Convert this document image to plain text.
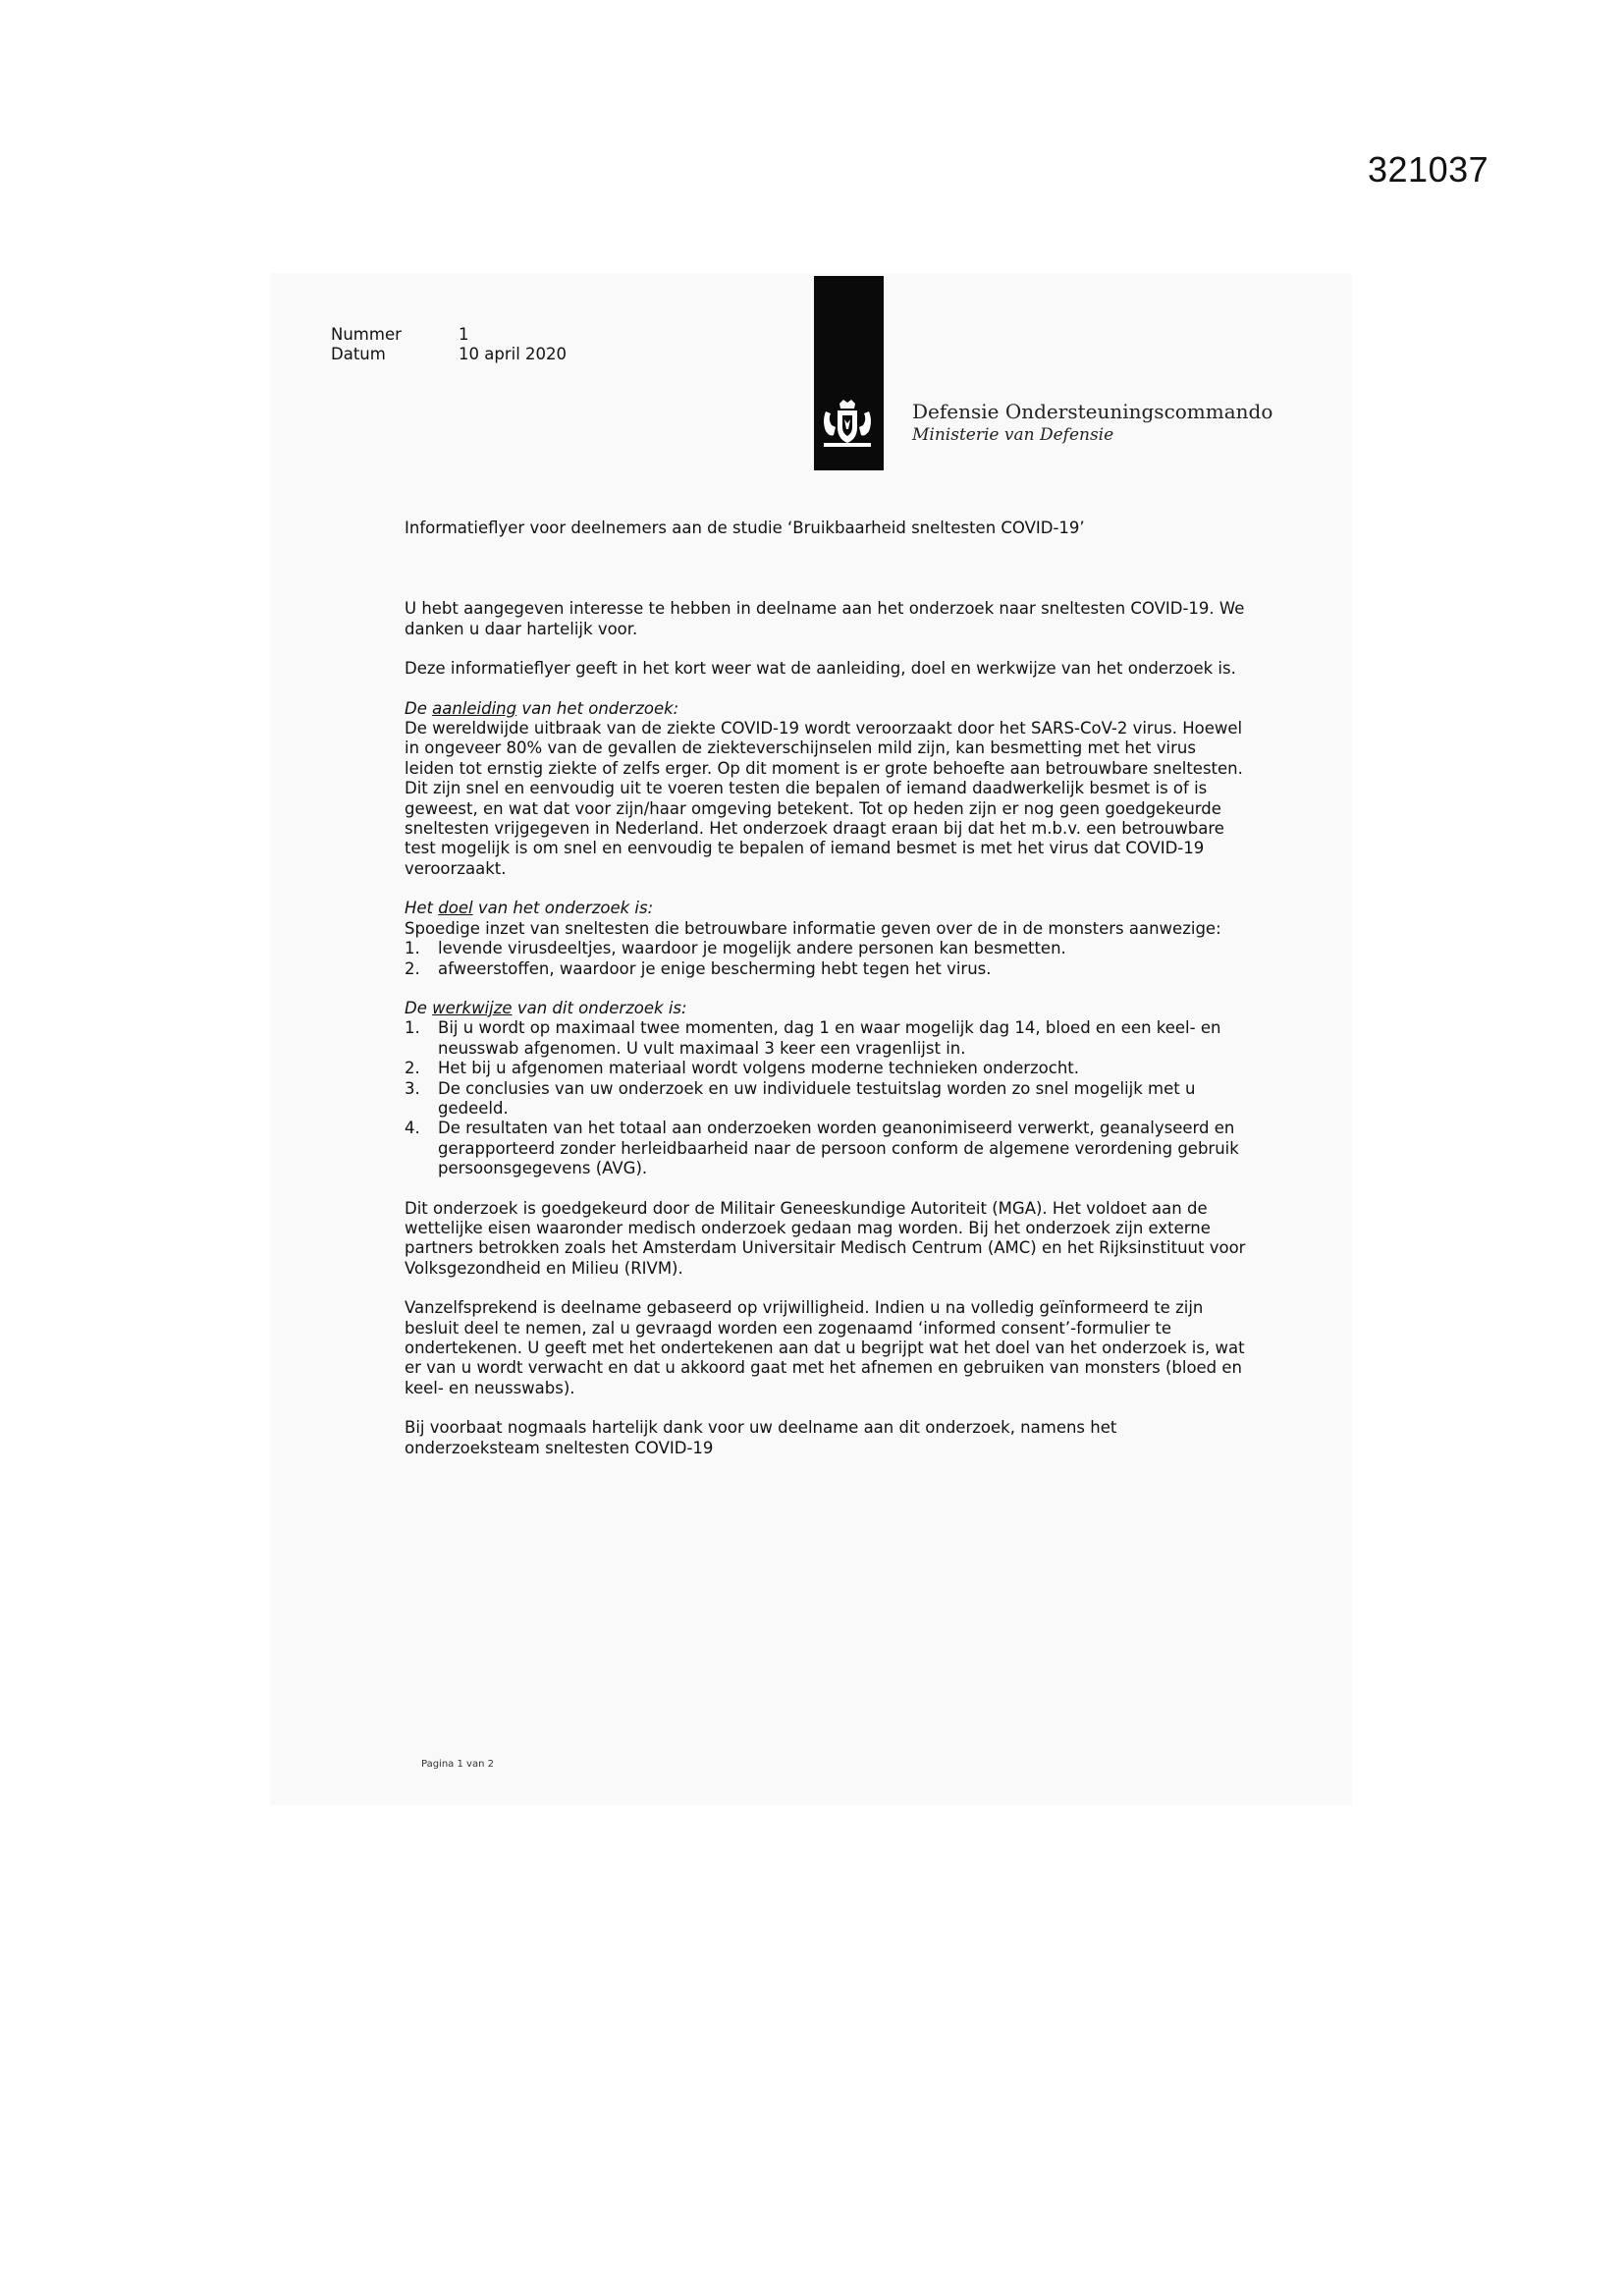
321037
Nummer	1
Datum	10 april 2020
Defensie Ondersteuningscommando
Ministerie van Defensie

Informatieflyer voor deelnemers aan de studie ‘Bruikbaarheid sneltesten COVID-19’

U hebt aangegeven interesse te hebben in deelname aan het onderzoek naar sneltesten COVID-19. We danken u daar hartelijk voor.

Deze informatieflyer geeft in het kort weer wat de aanleiding, doel en werkwijze van het onderzoek is.

De aanleiding van het onderzoek:

De wereldwijde uitbraak van de ziekte COVID-19 wordt veroorzaakt door het SARS-CoV-2 virus. Hoewel in ongeveer 80% van de gevallen de ziekteverschijnselen mild zijn, kan besmetting met het virus leiden tot ernstig ziekte of zelfs erger. Op dit moment is er grote behoefte aan betrouwbare sneltesten. Dit zijn snel en eenvoudig uit te voeren testen die bepalen of iemand daadwerkelijk besmet is of is geweest, en wat dat voor zijn/haar omgeving betekent. Tot op heden zijn er nog geen goedgekeurde sneltesten vrijgegeven in Nederland. Het onderzoek draagt eraan bij dat het m.b.v. een betrouwbare test mogelijk is om snel en eenvoudig te bepalen of iemand besmet is met het virus dat COVID-19 veroorzaakt.

Het doel van het onderzoek is:

Spoedige inzet van sneltesten die betrouwbare informatie geven over de in de monsters aanwezige:

1. levende virusdeeltjes, waardoor je mogelijk andere personen kan besmetten.
2. afweerstoffen, waardoor je enige bescherming hebt tegen het virus.

De werkwijze van dit onderzoek is:

1. Bij u wordt op maximaal twee momenten, dag 1 en waar mogelijk dag 14, bloed en een keel- en neusswab afgenomen. U vult maximaal 3 keer een vragenlijst in.
2. Het bij u afgenomen materiaal wordt volgens moderne technieken onderzocht.
3. De conclusies van uw onderzoek en uw individuele testuitslag worden zo snel mogelijk met u gedeeld.
4. De resultaten van het totaal aan onderzoeken worden geanonimiseerd verwerkt, geanalyseerd en gerapporteerd zonder herleidbaarheid naar de persoon conform de algemene verordening gebruik persoonsgegevens (AVG).

Dit onderzoek is goedgekeurd door de Militair Geneeskundige Autoriteit (MGA). Het voldoet aan de wettelijke eisen waaronder medisch onderzoek gedaan mag worden. Bij het onderzoek zijn externe partners betrokken zoals het Amsterdam Universitair Medisch Centrum (AMC) en het Rijksinstituut voor Volksgezondheid en Milieu (RIVM).

Vanzelfsprekend is deelname gebaseerd op vrijwilligheid. Indien u na volledig geïnformeerd te zijn besluit deel te nemen, zal u gevraagd worden een zogenaamd ‘informed consent’-formulier te ondertekenen. U geeft met het ondertekenen aan dat u begrijpt wat het doel van het onderzoek is, wat er van u wordt verwacht en dat u akkoord gaat met het afnemen en gebruiken van monsters (bloed en keel- en neusswabs).

Bij voorbaat nogmaals hartelijk dank voor uw deelname aan dit onderzoek, namens het onderzoeksteam sneltesten COVID-19

Pagina 1 van 2
